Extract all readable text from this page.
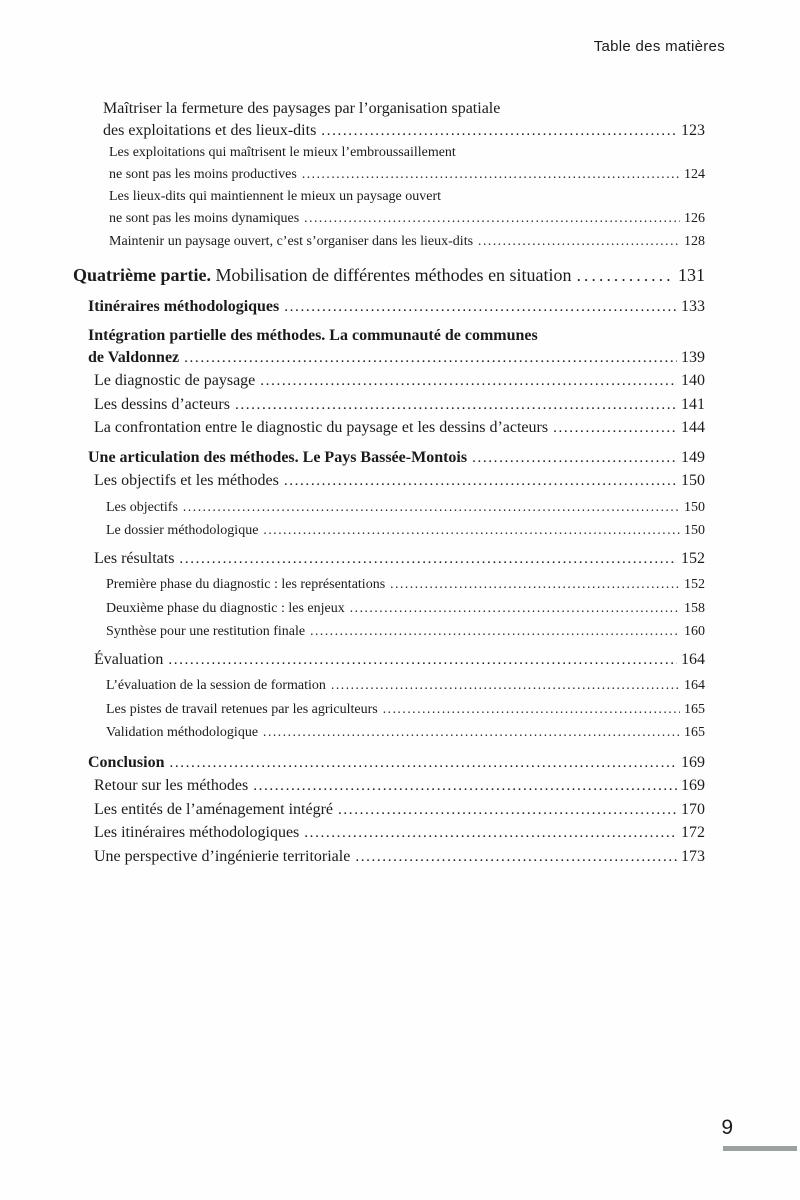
Table des matières
Maîtriser la fermeture des paysages par l’organisation spatiale
des exploitations et des lieux-dits .....	123
Les exploitations qui maîtrisent le mieux l’embroussaillement
ne sont pas les moins productives .....	124
Les lieux-dits qui maintiennent le mieux un paysage ouvert
ne sont pas les moins dynamiques .....	126
Maintenir un paysage ouvert, c’est s’organiser dans les lieux-dits .....	128
Quatrième partie. Mobilisation de différentes méthodes en situation .....	131
Itinéraires méthodologiques .....	133
Intégration partielle des méthodes. La communauté de communes
de Valdonnez .....	139
Le diagnostic de paysage .....	140
Les dessins d’acteurs .....	141
La confrontation entre le diagnostic du paysage et les dessins d’acteurs .....	144
Une articulation des méthodes. Le Pays Bassée-Montois .....	149
Les objectifs et les méthodes .....	150
Les objectifs .....	150
Le dossier méthodologique .....	150
Les résultats .....	152
Première phase du diagnostic : les représentations .....	152
Deuxième phase du diagnostic : les enjeux .....	158
Synthèse pour une restitution finale .....	160
Évaluation .....	164
L’évaluation de la session de formation .....	164
Les pistes de travail retenues par les agriculteurs .....	165
Validation méthodologique .....	165
Conclusion .....	169
Retour sur les méthodes .....	169
Les entités de l’aménagement intégré .....	170
Les itinéraires méthodologiques .....	172
Une perspective d’ingénierie territoriale .....	173
9
